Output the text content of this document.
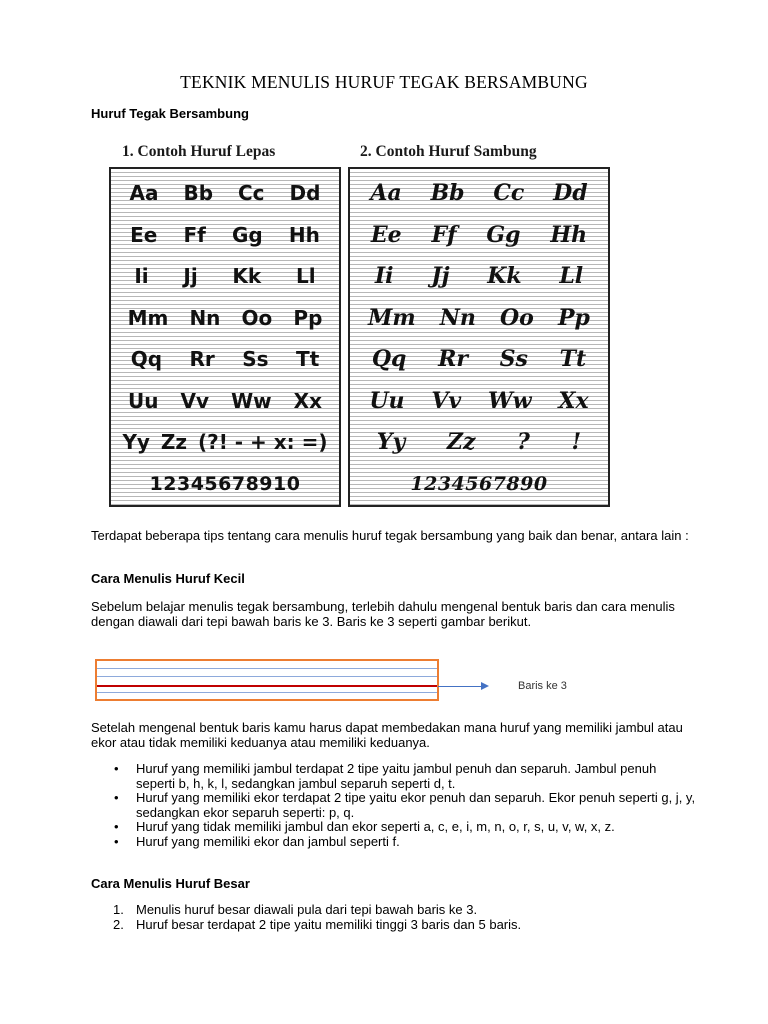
TEKNIK MENULIS HURUF TEGAK BERSAMBUNG
Huruf Tegak Bersambung
1. Contoh Huruf Lepas	2. Contoh Huruf Sambung
Aa Bb Cc Dd
Ee Ff Gg Hh
Ii Jj Kk Ll
Mm Nn Oo Pp
Qq Rr Ss Tt
Uu Vv Ww Xx
Yy Zz (?! - + x: =)
12345678910
Aa Bb Cc Dd
Ee Ff Gg Hh
Ii Jj Kk Ll
Mm Nn Oo Pp
Qq Rr Ss Tt
Uu Vv Ww Xx
Yy Zz ? !
1234567890
Terdapat beberapa tips tentang cara menulis huruf tegak bersambung yang baik dan benar, antara lain :
Cara Menulis Huruf Kecil
Sebelum belajar menulis tegak bersambung, terlebih dahulu mengenal bentuk baris dan cara menulis dengan diawali dari tepi bawah baris ke 3. Baris ke 3 seperti gambar berikut.
Baris ke 3
Setelah mengenal bentuk baris kamu harus dapat membedakan mana huruf yang memiliki jambul atau ekor atau tidak memiliki keduanya atau memiliki keduanya.
• Huruf yang memiliki jambul terdapat 2 tipe yaitu jambul penuh dan separuh. Jambul penuh seperti b, h, k, l, sedangkan jambul separuh seperti d, t.
• Huruf yang memiliki ekor terdapat 2 tipe yaitu ekor penuh dan separuh. Ekor penuh seperti g, j, y, sedangkan ekor separuh seperti: p, q.
• Huruf yang tidak memiliki jambul dan ekor seperti a, c, e, i, m, n, o, r, s, u, v, w, x, z.
• Huruf yang memiliki ekor dan jambul seperti f.
Cara Menulis Huruf Besar
1. Menulis huruf besar diawali pula dari tepi bawah baris ke 3.
2. Huruf besar terdapat 2 tipe yaitu memiliki tinggi 3 baris dan 5 baris.
